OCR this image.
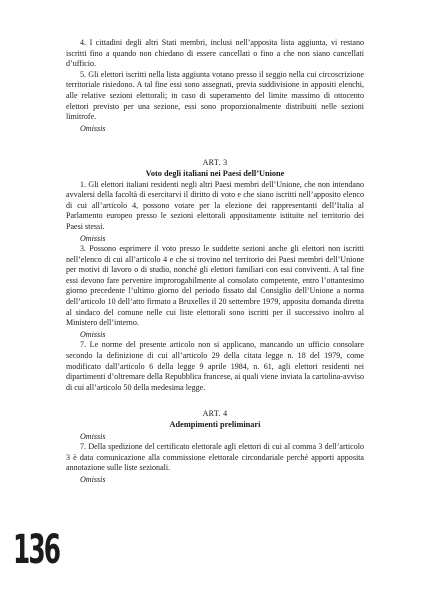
4. I cittadini degli altri Stati membri, inclusi nell’apposita lista aggiunta, vi restano iscritti fino a quando non chiedano di essere cancellati o fino a che non siano cancellati d’ufficio.

5. Gli elettori iscritti nella lista aggiunta votano presso il seggio nella cui circoscrizione territoriale risiedono. A tal fine essi sono assegnati, previa suddivisione in appositi elenchi, alle relative sezioni elettorali; in caso di superamento del limite massimo di ottocento elettori previsto per una sezione, essi sono proporzionalmente distribuiti nelle sezioni limitrofe.

Omissis

ART. 3

Voto degli italiani nei Paesi dell’Unione

1. Gli elettori italiani residenti negli altri Paesi membri dell’Unione, che non intendano avvalersi della facoltà di esercitarvi il diritto di voto e che siano iscritti nell’apposito elenco di cui all’articolo 4, possono votare per la elezione dei rappresentanti dell’Italia al Parlamento europeo presso le sezioni elettorali appositamente istituite nel territorio dei Paesi stessi.

Omissis

3. Possono esprimere il voto presso le suddette sezioni anche gli elettori non iscritti nell’elenco di cui all’articolo 4 e che si trovino nel territorio dei Paesi membri dell’Unione per motivi di lavoro o di studio, nonché gli elettori familiari con essi conviventi. A tal fine essi devono fare pervenire improrogabilmente al consolato competente, entro l’ottantesimo giorno precedente l’ultimo giorno del periodo fissato dal Consiglio dell’Unione a norma dell’articolo 10 dell’atto firmato a Bruxelles il 20 settembre 1979, apposita domanda diretta al sindaco del comune nelle cui liste elettorali sono iscritti per il successivo inoltro al Ministero dell’interno.

Omissis

7. Le norme del presente articolo non si applicano, mancando un ufficio consolare secondo la definizione di cui all’articolo 29 della citata legge n. 18 del 1979, come modificato dall’articolo 6 della legge 9 aprile 1984, n. 61, agli elettori residenti nei dipartimenti d’oltremare della Repubblica francese, ai quali viene inviata la cartolina-avviso di cui all’articolo 50 della medesima legge.

ART. 4

Adempimenti preliminari

Omissis

7. Della spedizione del certificato elettorale agli elettori di cui al comma 3 dell’articolo 3 è data comunicazione alla commissione elettorale circondariale perché apporti apposita annotazione sulle liste sezionali.

Omissis

136
